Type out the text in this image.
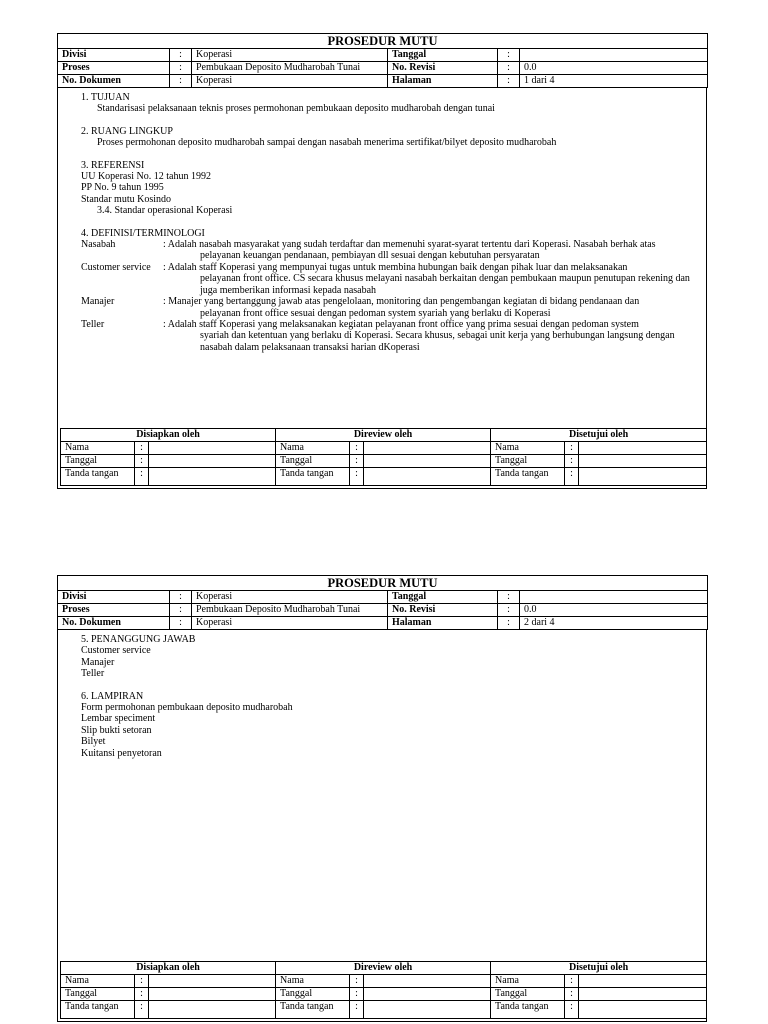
PROSEDUR MUTU					
Divisi	:	Koperasi	Tanggal	:	
Proses	:	Pembukaan Deposito Mudharobah Tunai	No. Revisi	:	0.0
No. Dokumen	:	Koperasi	Halaman	:	1 dari 4
1. TUJUAN
Standarisasi pelaksanaan teknis proses permohonan pembukaan deposito mudharobah dengan tunai
2. RUANG LINGKUP
Proses permohonan deposito mudharobah sampai dengan nasabah menerima sertifikat/bilyet deposito mudharobah
3. REFERENSI
UU Koperasi No. 12 tahun 1992
PP No. 9 tahun 1995
Standar mutu Kosindo
3.4. Standar operasional Koperasi
4. DEFINISI/TERMINOLOGI
Nasabah	: Adalah nasabah masyarakat yang sudah terdaftar dan memenuhi syarat-syarat tertentu dari Koperasi. Nasabah berhak atas
pelayanan keuangan pendanaan, pembiayan dll sesuai dengan kebutuhan persyaratan
Customer service	: Adalah staff Koperasi yang mempunyai tugas untuk membina hubungan baik dengan pihak luar dan melaksanakan
pelayanan front office. CS secara khusus melayani nasabah berkaitan dengan pembukaan maupun penutupan rekening dan
juga memberikan informasi kepada nasabah
Manajer	: Manajer yang bertanggung jawab atas pengelolaan, monitoring dan pengembangan kegiatan di bidang pendanaan dan
pelayanan front office sesuai dengan pedoman system syariah yang berlaku di Koperasi
Teller	: Adalah staff Koperasi yang melaksanakan kegiatan pelayanan front office yang prima sesuai dengan pedoman system
syariah dan ketentuan yang berlaku di Koperasi. Secara khusus, sebagai unit kerja yang berhubungan langsung dengan
nasabah dalam pelaksanaan transaksi harian dKoperasi
Disiapkan oleh			Direview oleh			Disetujui oleh		
Nama	:		Nama	:		Nama	:	
Tanggal	:		Tanggal	:		Tanggal	:	
Tanda tangan	:		Tanda tangan	:		Tanda tangan	:	
PROSEDUR MUTU					
Divisi	:	Koperasi	Tanggal	:	
Proses	:	Pembukaan Deposito Mudharobah Tunai	No. Revisi	:	0.0
No. Dokumen	:	Koperasi	Halaman	:	2 dari 4
5. PENANGGUNG JAWAB
Customer service
Manajer
Teller
6. LAMPIRAN
Form permohonan pembukaan deposito mudharobah
Lembar speciment
Slip bukti setoran
Bilyet
Kuitansi penyetoran
Disiapkan oleh			Direview oleh			Disetujui oleh		
Nama	:		Nama	:		Nama	:	
Tanggal	:		Tanggal	:		Tanggal	:	
Tanda tangan	:		Tanda tangan	:		Tanda tangan	:	
